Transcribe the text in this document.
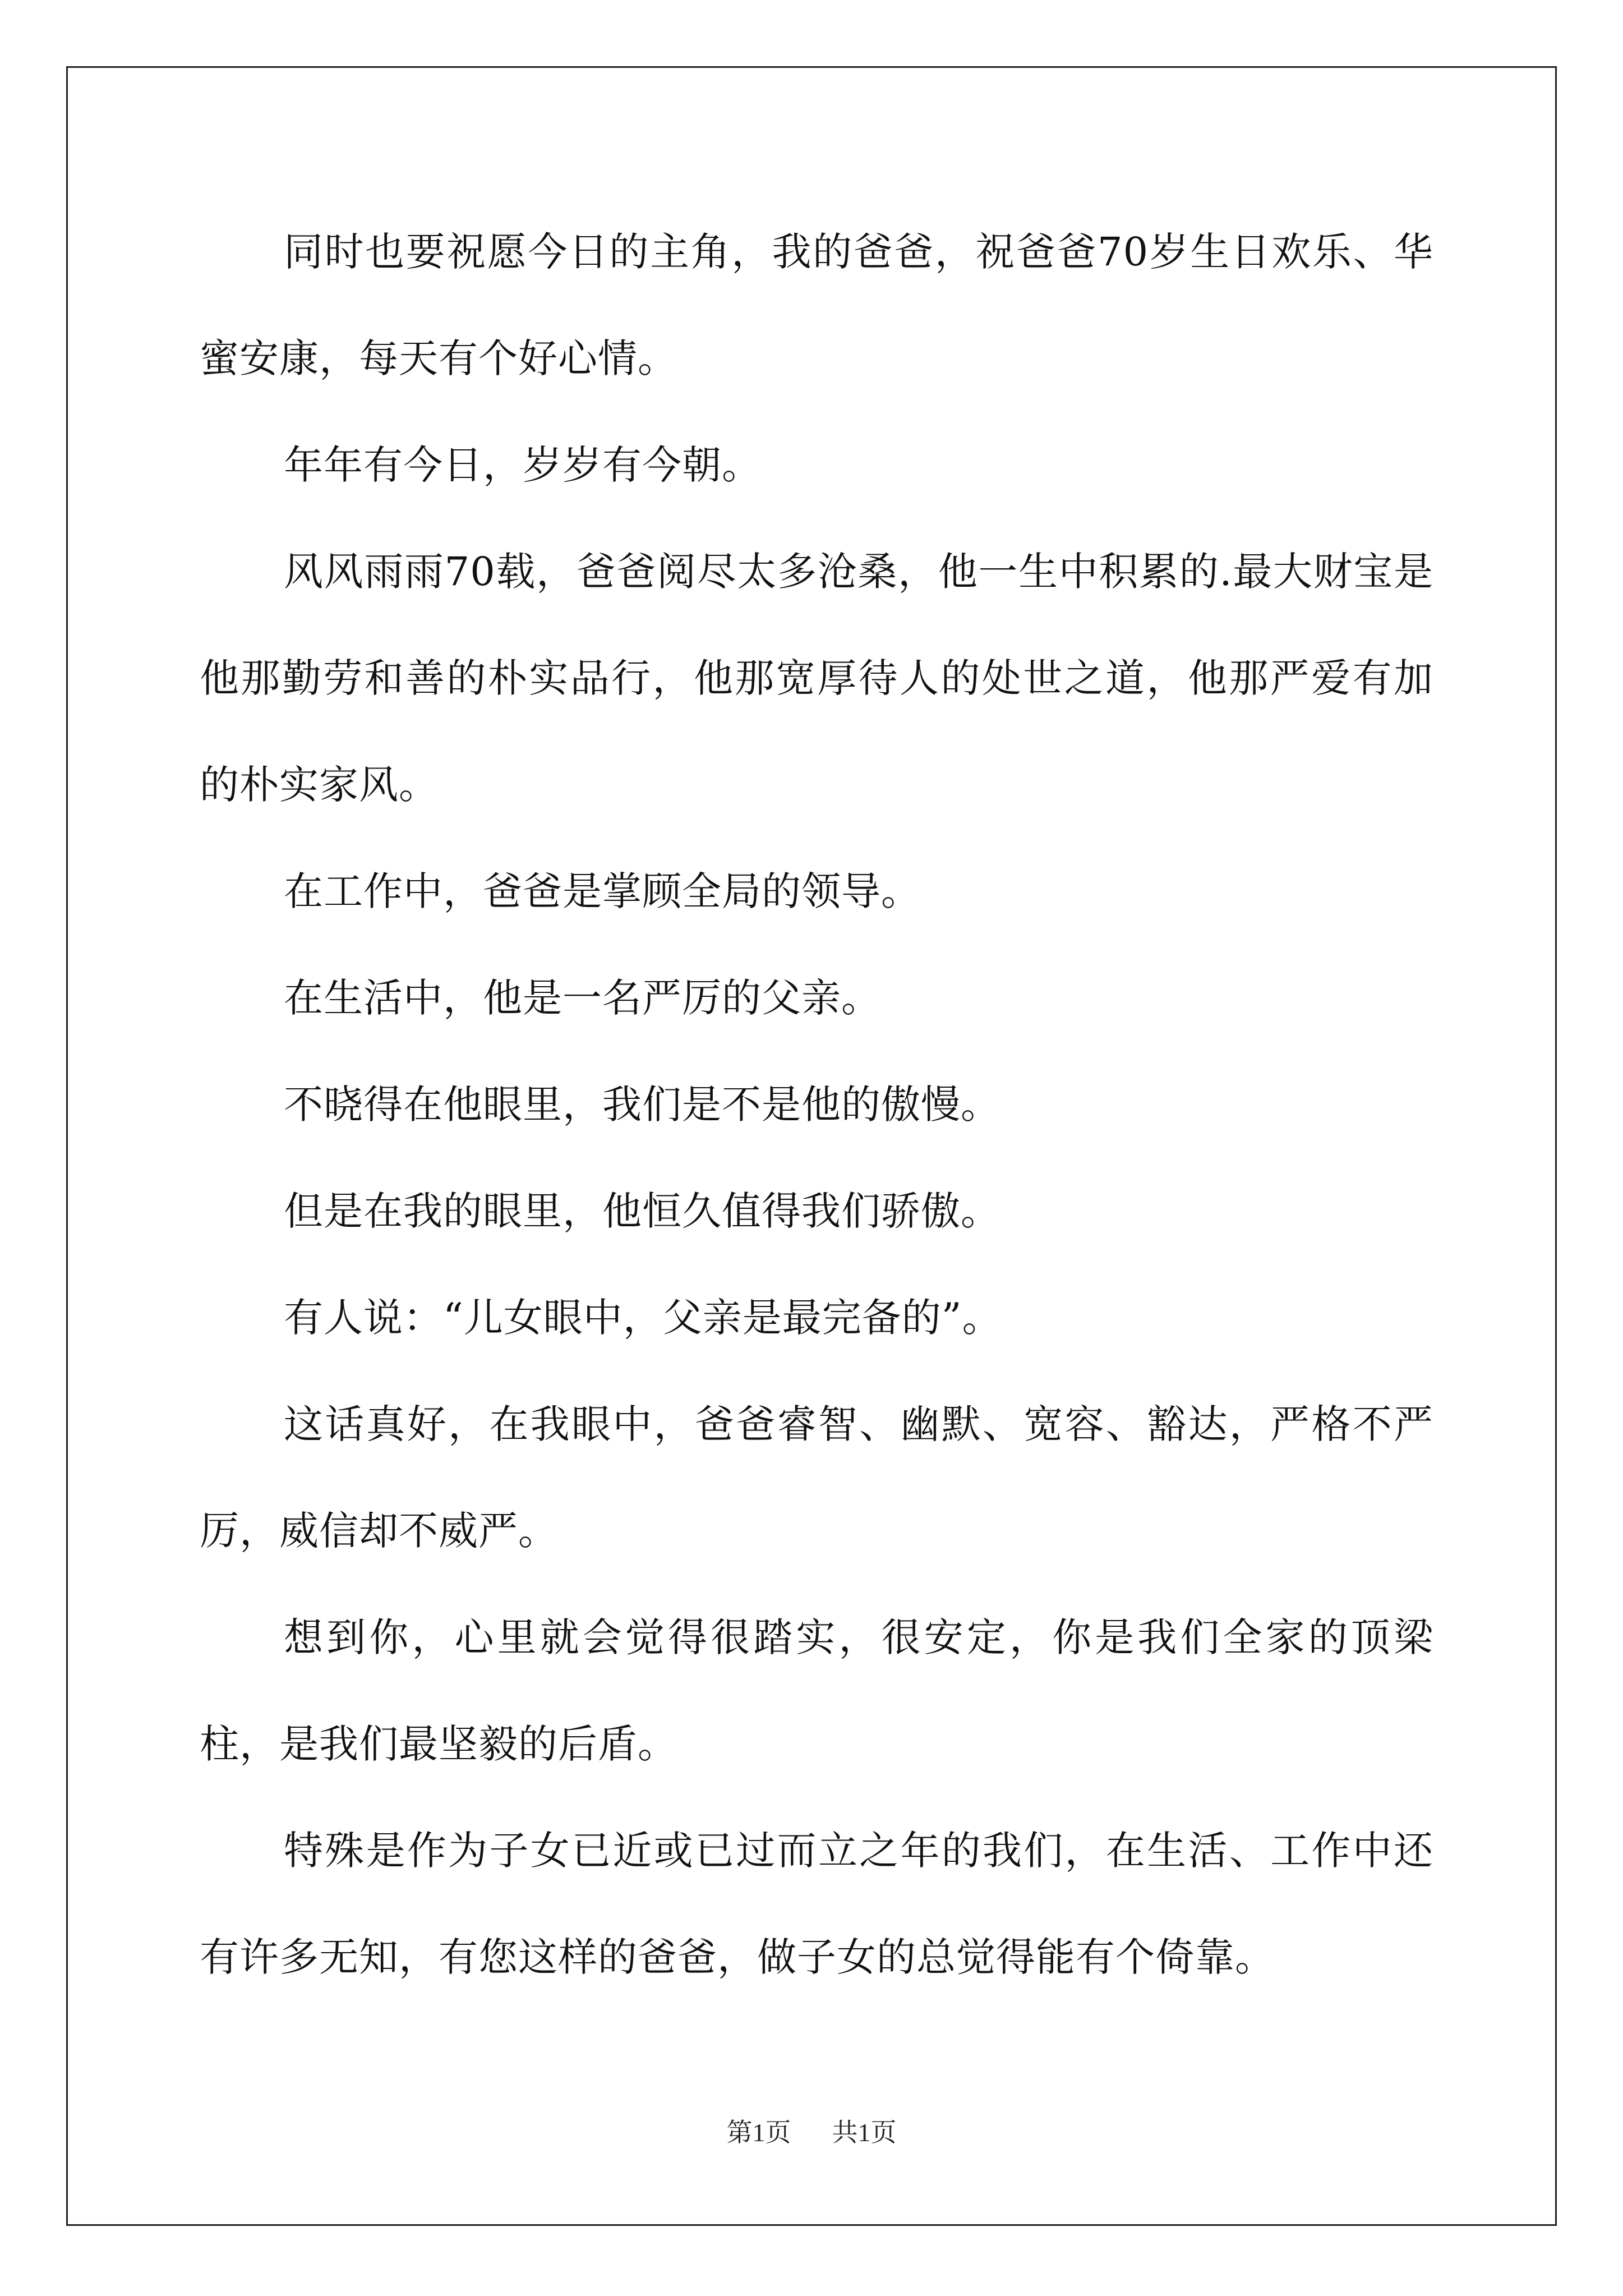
同时也要祝愿今日的主角，我的爸爸，祝爸爸70岁生日欢乐、华蜜安康，每天有个好心情。

年年有今日，岁岁有今朝。

风风雨雨70载，爸爸阅尽太多沧桑，他一生中积累的.最大财宝是他那勤劳和善的朴实品行，他那宽厚待人的处世之道，他那严爱有加的朴实家风。

在工作中，爸爸是掌顾全局的领导。

在生活中，他是一名严厉的父亲。

不晓得在他眼里，我们是不是他的傲慢。

但是在我的眼里，他恒久值得我们骄傲。

有人说：“儿女眼中，父亲是最完备的”。

这话真好，在我眼中，爸爸睿智、幽默、宽容、豁达，严格不严厉，威信却不威严。

想到你，心里就会觉得很踏实，很安定，你是我们全家的顶梁柱，是我们最坚毅的后盾。

特殊是作为子女已近或已过而立之年的我们，在生活、工作中还有许多无知，有您这样的爸爸，做子女的总觉得能有个倚靠。

第1页 共1页
